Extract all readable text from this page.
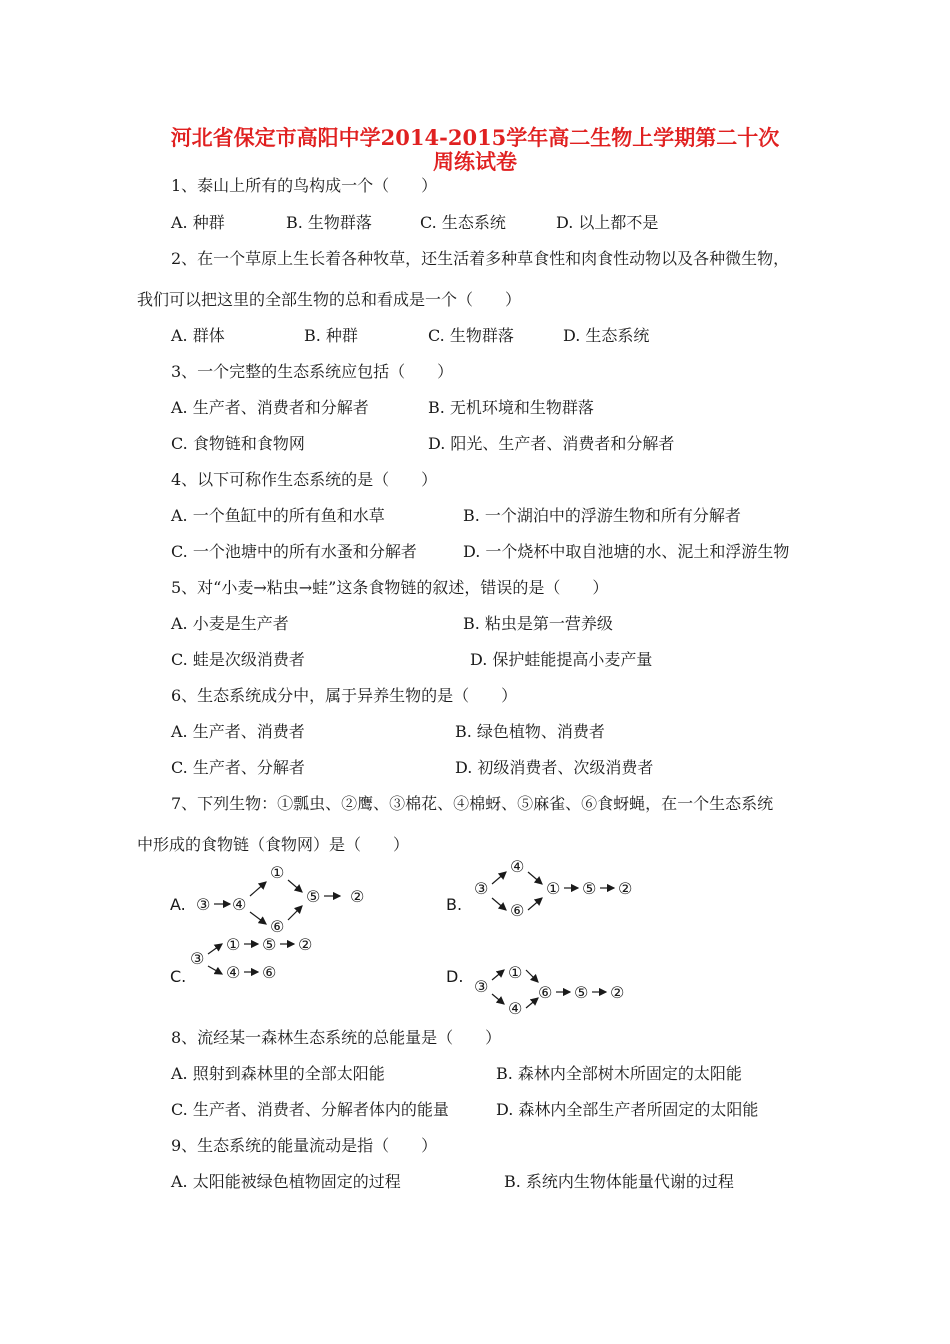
河北省保定市高阳中学2014-2015学年高二生物上学期第二十次
周练试卷
1、泰山上所有的鸟构成一个（　　）
A. 种群	B. 生物群落	C. 生态系统	D. 以上都不是
2、在一个草原上生长着各种牧草，还生活着多种草食性和肉食性动物以及各种微生物，
我们可以把这里的全部生物的总和看成是一个（　　）
A. 群体	B. 种群	C. 生物群落	D. 生态系统
3、一个完整的生态系统应包括（　　）
A. 生产者、消费者和分解者	B. 无机环境和生物群落
C. 食物链和食物网	D. 阳光、生产者、消费者和分解者
4、以下可称作生态系统的是（　　）
A. 一个鱼缸中的所有鱼和水草	B. 一个湖泊中的浮游生物和所有分解者
C. 一个池塘中的所有水蚤和分解者	D. 一个烧杯中取自池塘的水、泥土和浮游生物
5、对“小麦→粘虫→蛙”这条食物链的叙述，错误的是（　　）
A. 小麦是生产者	B. 粘虫是第一营养级
C. 蛙是次级消费者	D. 保护蛙能提高小麦产量
6、生态系统成分中，属于异养生物的是（　　）
A. 生产者、消费者	B. 绿色植物、消费者
C. 生产者、分解者	D. 初级消费者、次级消费者
7、下列生物：①瓢虫、②鹰、③棉花、④棉蚜、⑤麻雀、⑥食蚜蝇，在一个生态系统
中形成的食物链（食物网）是（　　）
A. ③ ④
①
⑥
⑤ ②	B.
③
④
⑥
① ⑤ ②
C.
③
① ⑤ ②
④ ⑥	D.
③
①
④
⑥ ⑤ ②
8、流经某一森林生态系统的总能量是（　　）
A. 照射到森林里的全部太阳能	B. 森林内全部树木所固定的太阳能
C. 生产者、消费者、分解者体内的能量	D. 森林内全部生产者所固定的太阳能
9、生态系统的能量流动是指（　　）
A. 太阳能被绿色植物固定的过程	B. 系统内生物体能量代谢的过程
